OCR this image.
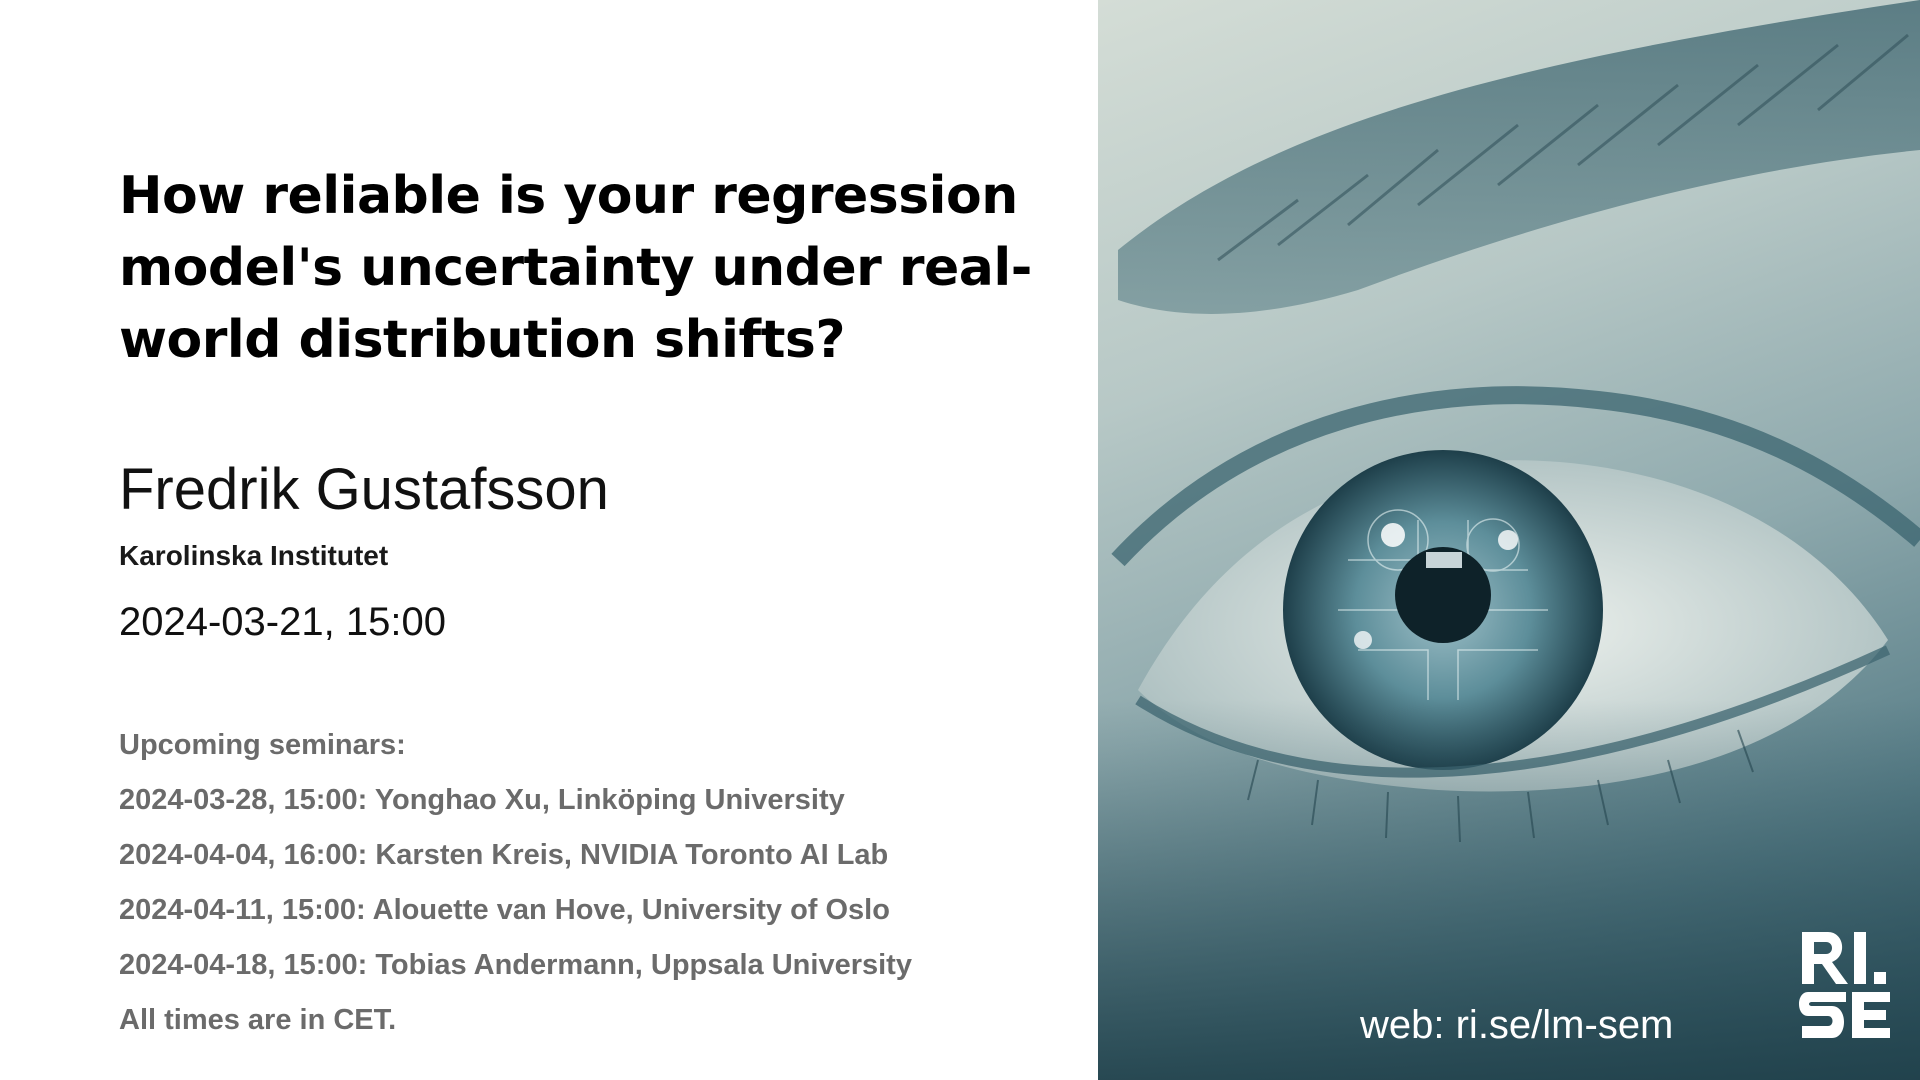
How reliable is your regression model's uncertainty under real-world distribution shifts?
Fredrik Gustafsson
Karolinska Institutet
2024-03-21, 15:00
Upcoming seminars:
2024-03-28, 15:00: Yonghao Xu, Linköping University
2024-04-04, 16:00: Karsten Kreis, NVIDIA Toronto AI Lab
2024-04-11, 15:00: Alouette van Hove, University of Oslo
2024-04-18, 15:00: Tobias Andermann, Uppsala University
All times are in CET.	web: ri.se/lm-sem
